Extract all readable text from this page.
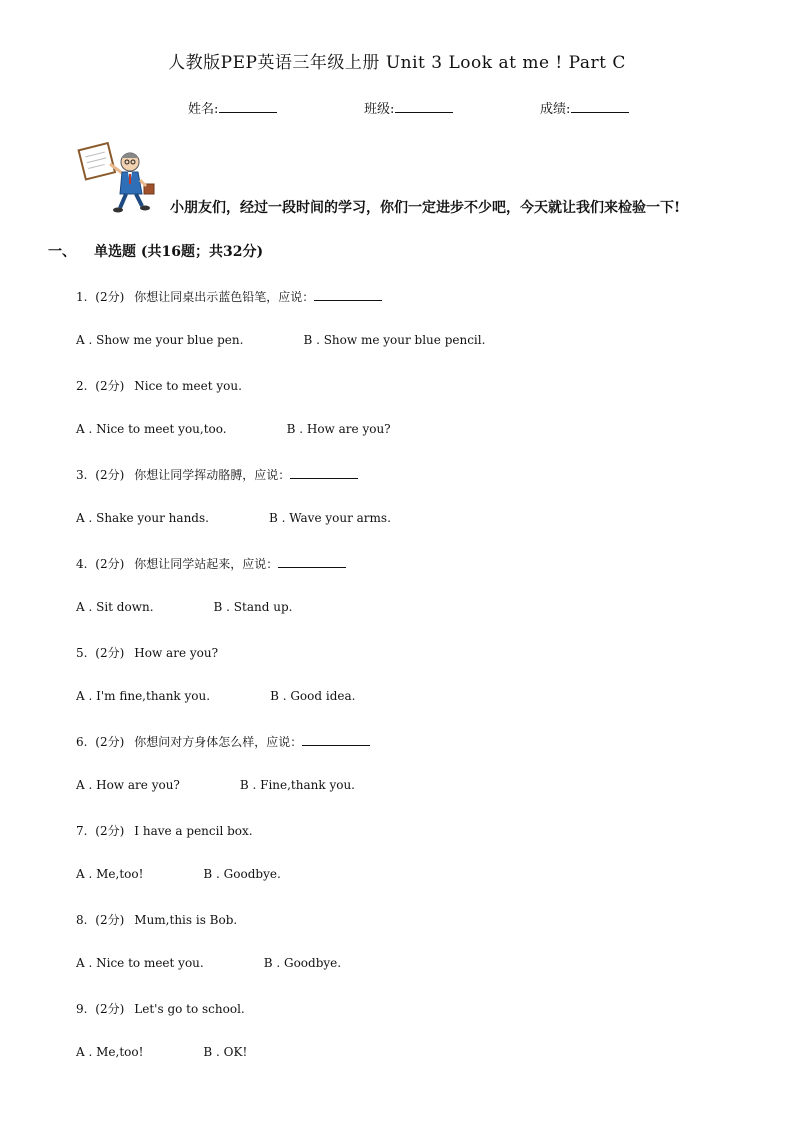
人教版PEP英语三年级上册 Unit 3 Look at me ! Part C
姓名:	班级:	成绩:
小朋友们，经过一段时间的学习，你们一定进步不少吧，今天就让我们来检验一下!
一、 单选题 (共16题；共32分)
1. (2分) 你想让同桌出示蓝色铅笔，应说：
A . Show me your blue pen.	B . Show me your blue pencil.
2. (2分) Nice to meet you.
A . Nice to meet you,too.	B . How are you?
3. (2分) 你想让同学挥动胳膊，应说：
A . Shake your hands.	B . Wave your arms.
4. (2分) 你想让同学站起来，应说：
A . Sit down.	B . Stand up.
5. (2分) How are you?
A . I'm fine,thank you.	B . Good idea.
6. (2分) 你想问对方身体怎么样，应说：
A . How are you?	B . Fine,thank you.
7. (2分) I have a pencil box.
A . Me,too!	B . Goodbye.
8. (2分) Mum,this is Bob.
A . Nice to meet you.	B . Goodbye.
9. (2分) Let's go to school.
A . Me,too!	B . OK!
